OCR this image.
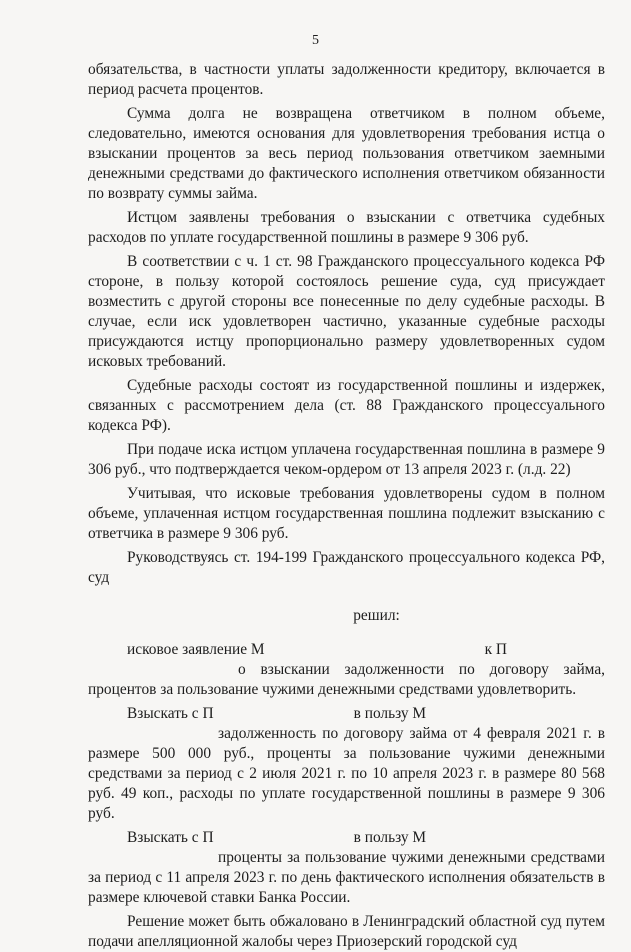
5

обязательства, в частности уплаты задолженности кредитору, включается в период расчета процентов.

Сумма долга не возвращена ответчиком в полном объеме, следовательно, имеются основания для удовлетворения требования истца о взыскании процентов за весь период пользования ответчиком заемными денежными средствами до фактического исполнения ответчиком обязанности по возврату суммы займа.

Истцом заявлены требования о взыскании с ответчика судебных расходов по уплате государственной пошлины в размере 9 306 руб.

В соответствии с ч. 1 ст. 98 Гражданского процессуального кодекса РФ стороне, в пользу которой состоялось решение суда, суд присуждает возместить с другой стороны все понесенные по делу судебные расходы. В случае, если иск удовлетворен частично, указанные судебные расходы присуждаются истцу пропорционально размеру удовлетворенных судом исковых требований.

Судебные расходы состоят из государственной пошлины и издержек, связанных с рассмотрением дела (ст. 88 Гражданского процессуального кодекса РФ).

При подаче иска истцом уплачена государственная пошлина в размере 9 306 руб., что подтверждается чеком-ордером от 13 апреля 2023 г. (л.д. 22)

Учитывая, что исковые требования удовлетворены судом в полном объеме, уплаченная истцом государственная пошлина подлежит взысканию с ответчика в размере 9 306 руб.

Руководствуясь ст. 194-199 Гражданского процессуального кодекса РФ, суд

решил:

исковое заявление М	к П
о взыскании задолженности по договору займа, процентов за пользование чужими денежными средствами удовлетворить.

Взыскать с П	в пользу М
задолженность по договору займа от 4 февраля 2021 г. в размере 500 000 руб., проценты за пользование чужими денежными средствами за период с 2 июля 2021 г. по 10 апреля 2023 г. в размере 80 568 руб. 49 коп., расходы по уплате государственной пошлины в размере 9 306 руб.

Взыскать с П	в пользу М
проценты за пользование чужими денежными средствами за период с 11 апреля 2023 г. по день фактического исполнения обязательств в размере ключевой ставки Банка России.

Решение может быть обжаловано в Ленинградский областной суд путем подачи апелляционной жалобы через Приозерский городской суд
